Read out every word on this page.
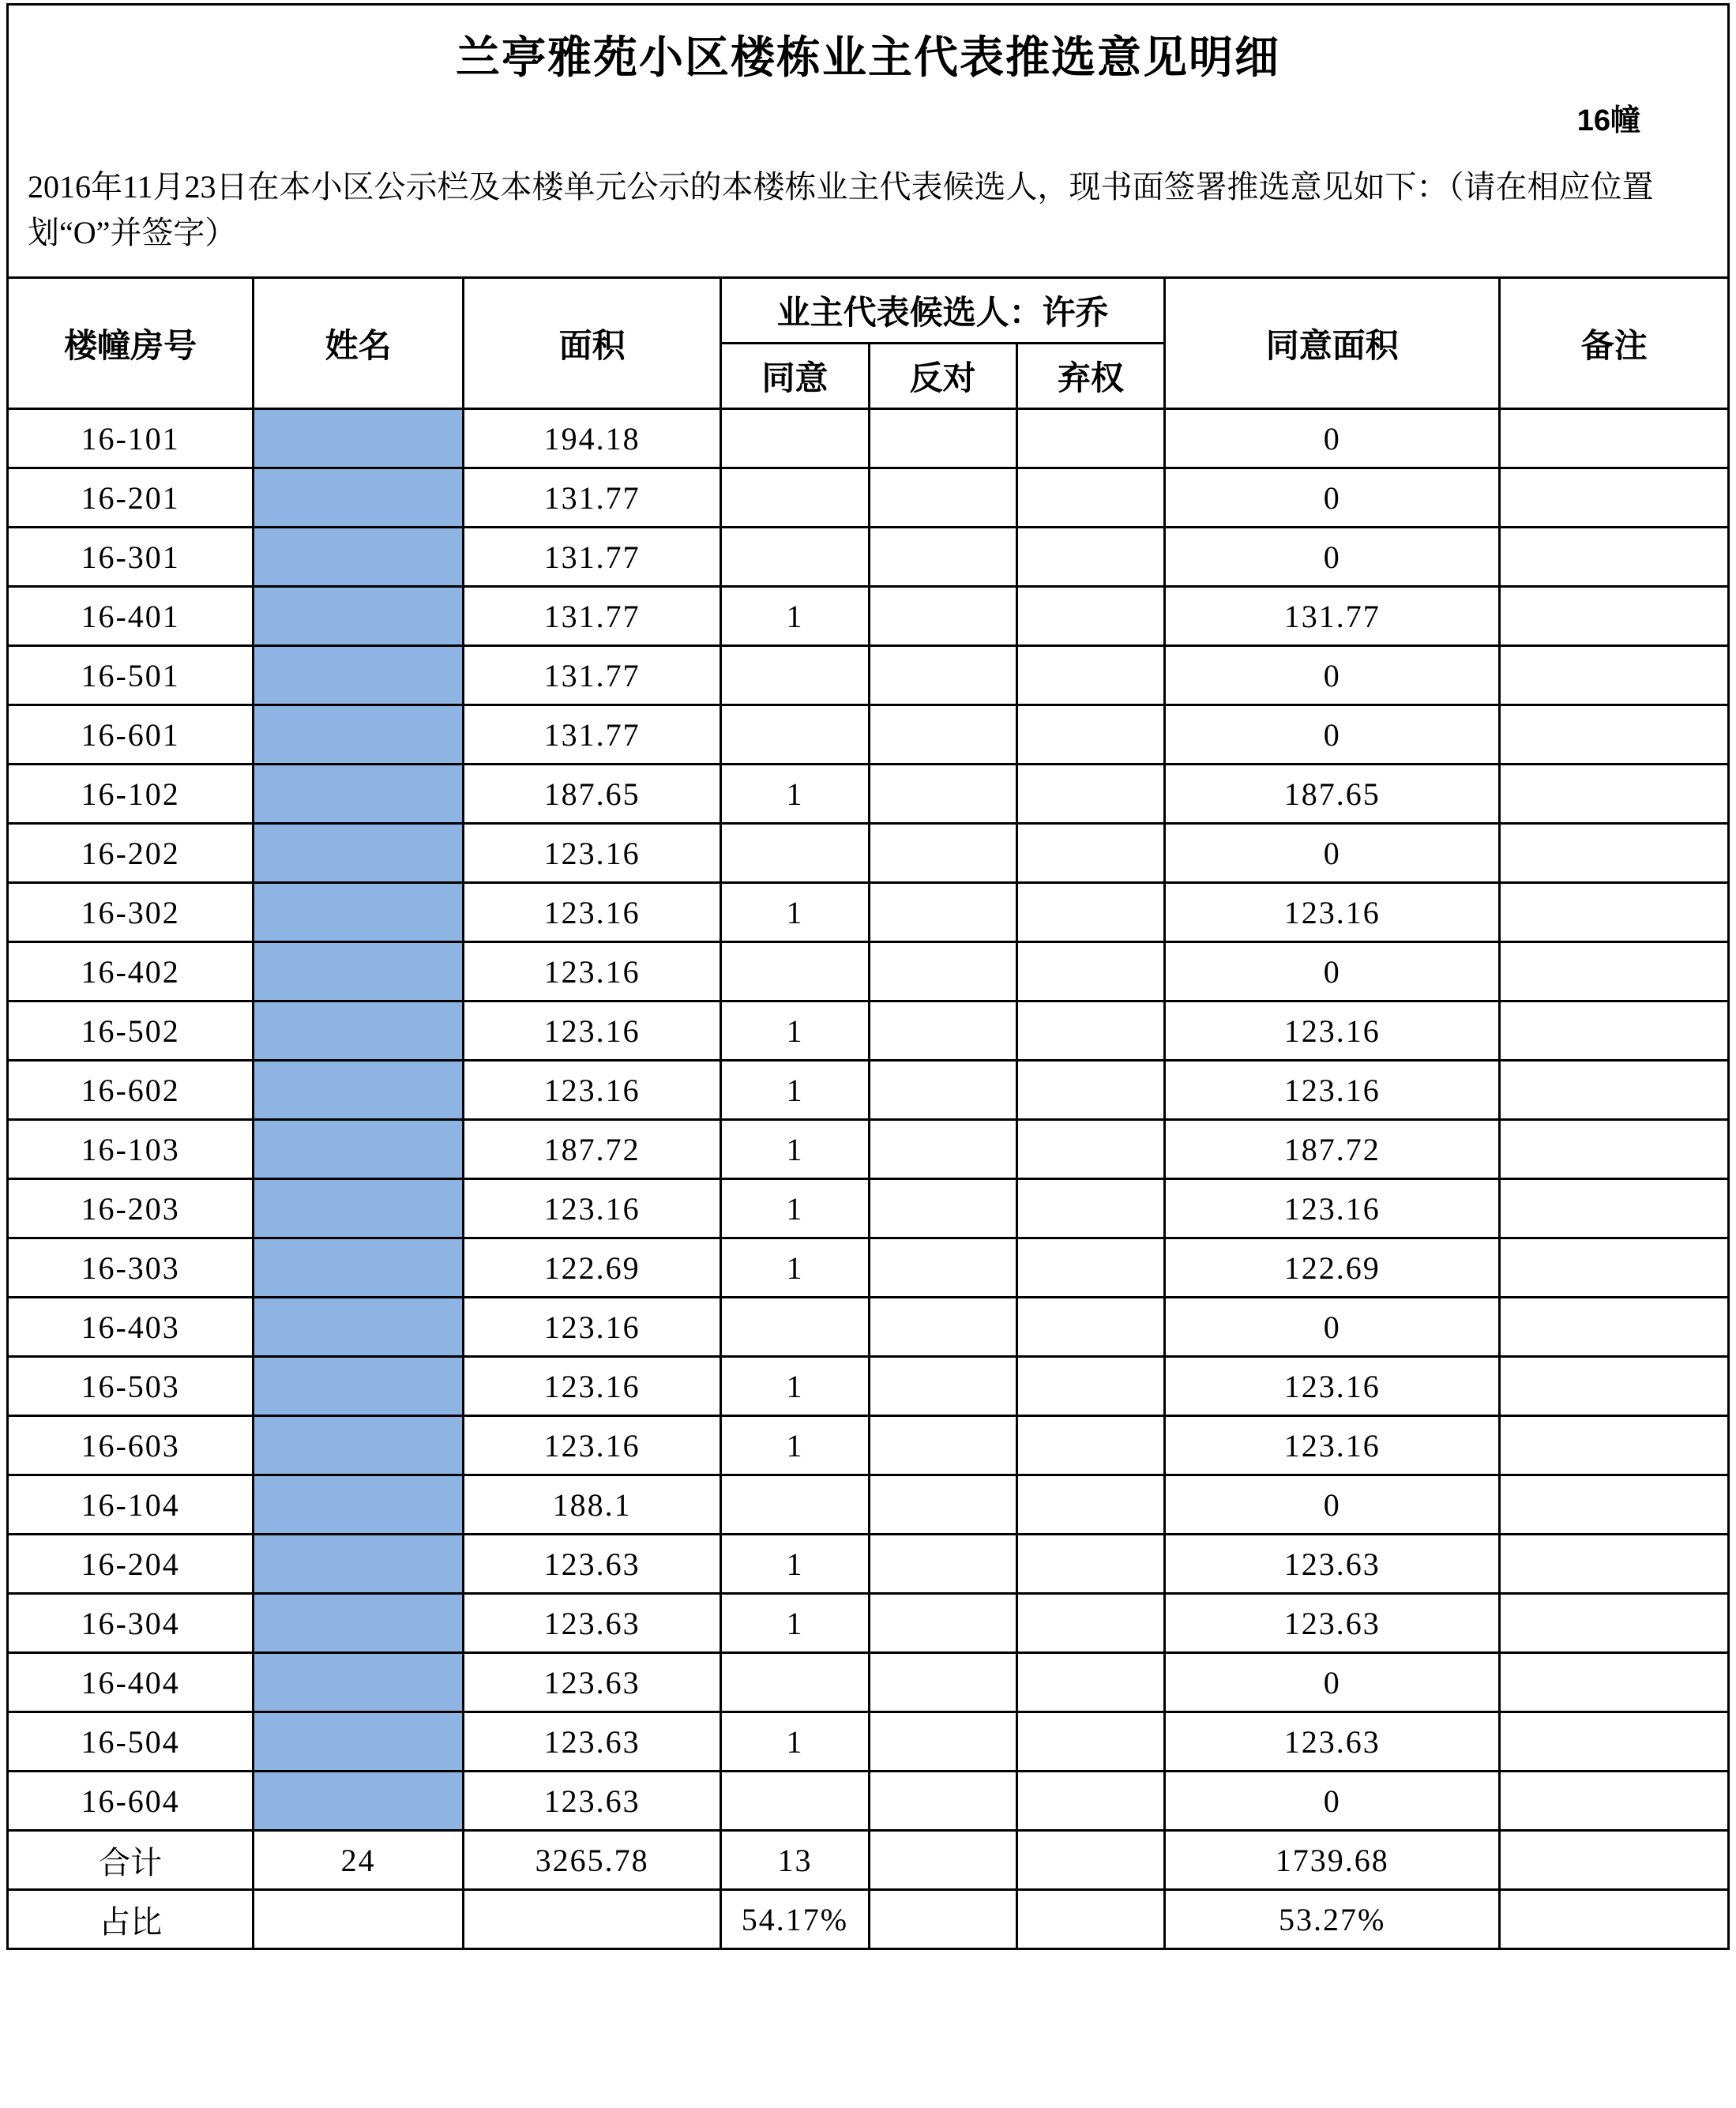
兰亭雅苑小区楼栋业主代表推选意见明细
16幢
2016年11月23日在本小区公示栏及本楼单元公示的本楼栋业主代表候选人，现书面签署推选意见如下：（请在相应位置划“O”并签字）
楼幢房号	姓名	面积	业主代表候选人：许乔			同意面积	备注
			同意	反对	弃权		
16-101		194.18				0	
16-201		131.77				0	
16-301		131.77				0	
16-401		131.77	1			131.77	
16-501		131.77				0	
16-601		131.77				0	
16-102		187.65	1			187.65	
16-202		123.16				0	
16-302		123.16	1			123.16	
16-402		123.16				0	
16-502		123.16	1			123.16	
16-602		123.16	1			123.16	
16-103		187.72	1			187.72	
16-203		123.16	1			123.16	
16-303		122.69	1			122.69	
16-403		123.16				0	
16-503		123.16	1			123.16	
16-603		123.16	1			123.16	
16-104		188.1				0	
16-204		123.63	1			123.63	
16-304		123.63	1			123.63	
16-404		123.63				0	
16-504		123.63	1			123.63	
16-604		123.63				0	
合计	24	3265.78	13			1739.68	
占比			54.17%			53.27%	
